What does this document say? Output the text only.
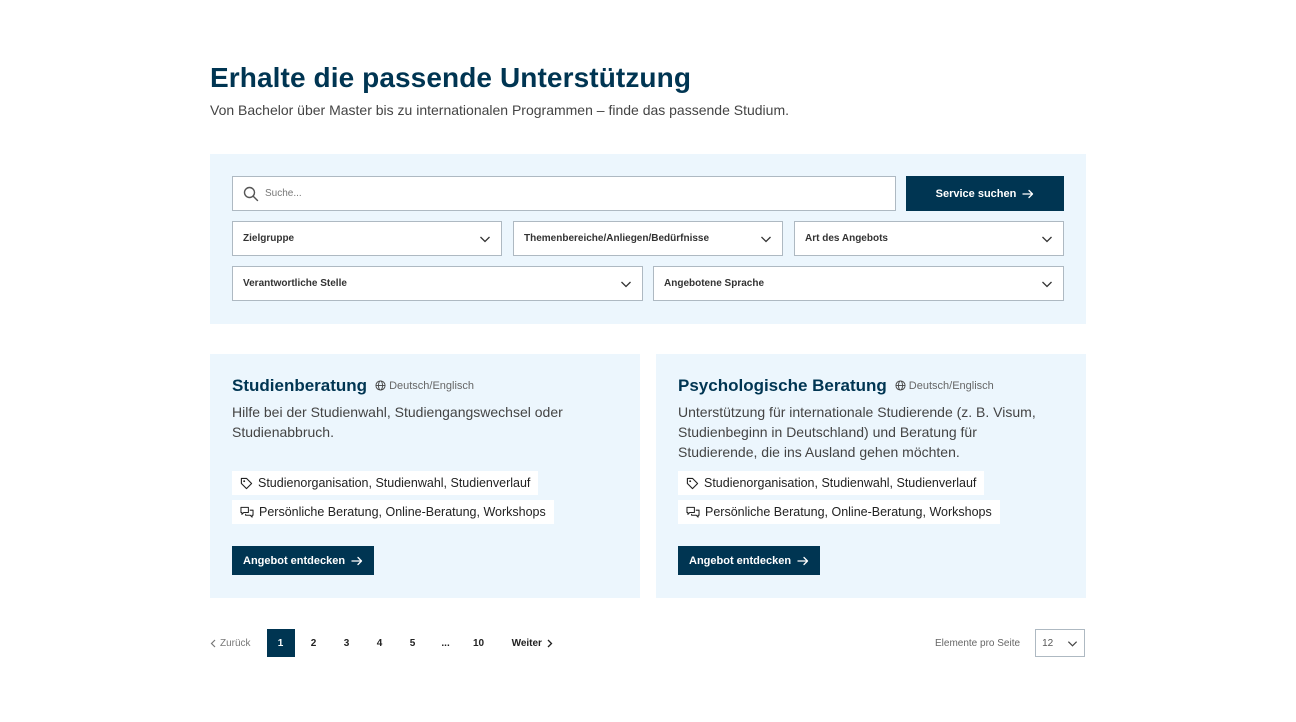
Erhalte die passende Unterstützung

Von Bachelor über Master bis zu internationalen Programmen – finde das passende Studium.

Suche...
Service suchen
Zielgruppe	Themenbereiche/Anliegen/Bedürfnisse	Art des Angebots
Verantwortliche Stelle	Angebotene Sprache
Studienberatung Deutsch/Englisch

Hilfe bei der Studienwahl, Studiengangswechsel oder Studienabbruch.

Studienorganisation, Studienwahl, Studienverlauf
Persönliche Beratung, Online-Beratung, Workshops
Angebot entdecken
Psychologische Beratung Deutsch/Englisch

Unterstützung für internationale Studierende (z. B. Visum, Studienbeginn in Deutschland) und Beratung für Studierende, die ins Ausland gehen möchten.

Studienorganisation, Studienwahl, Studienverlauf
Persönliche Beratung, Online-Beratung, Workshops
Angebot entdecken
Zurück	1	2	3	4	5	...	10	Weiter	Elemente pro Seite 12
